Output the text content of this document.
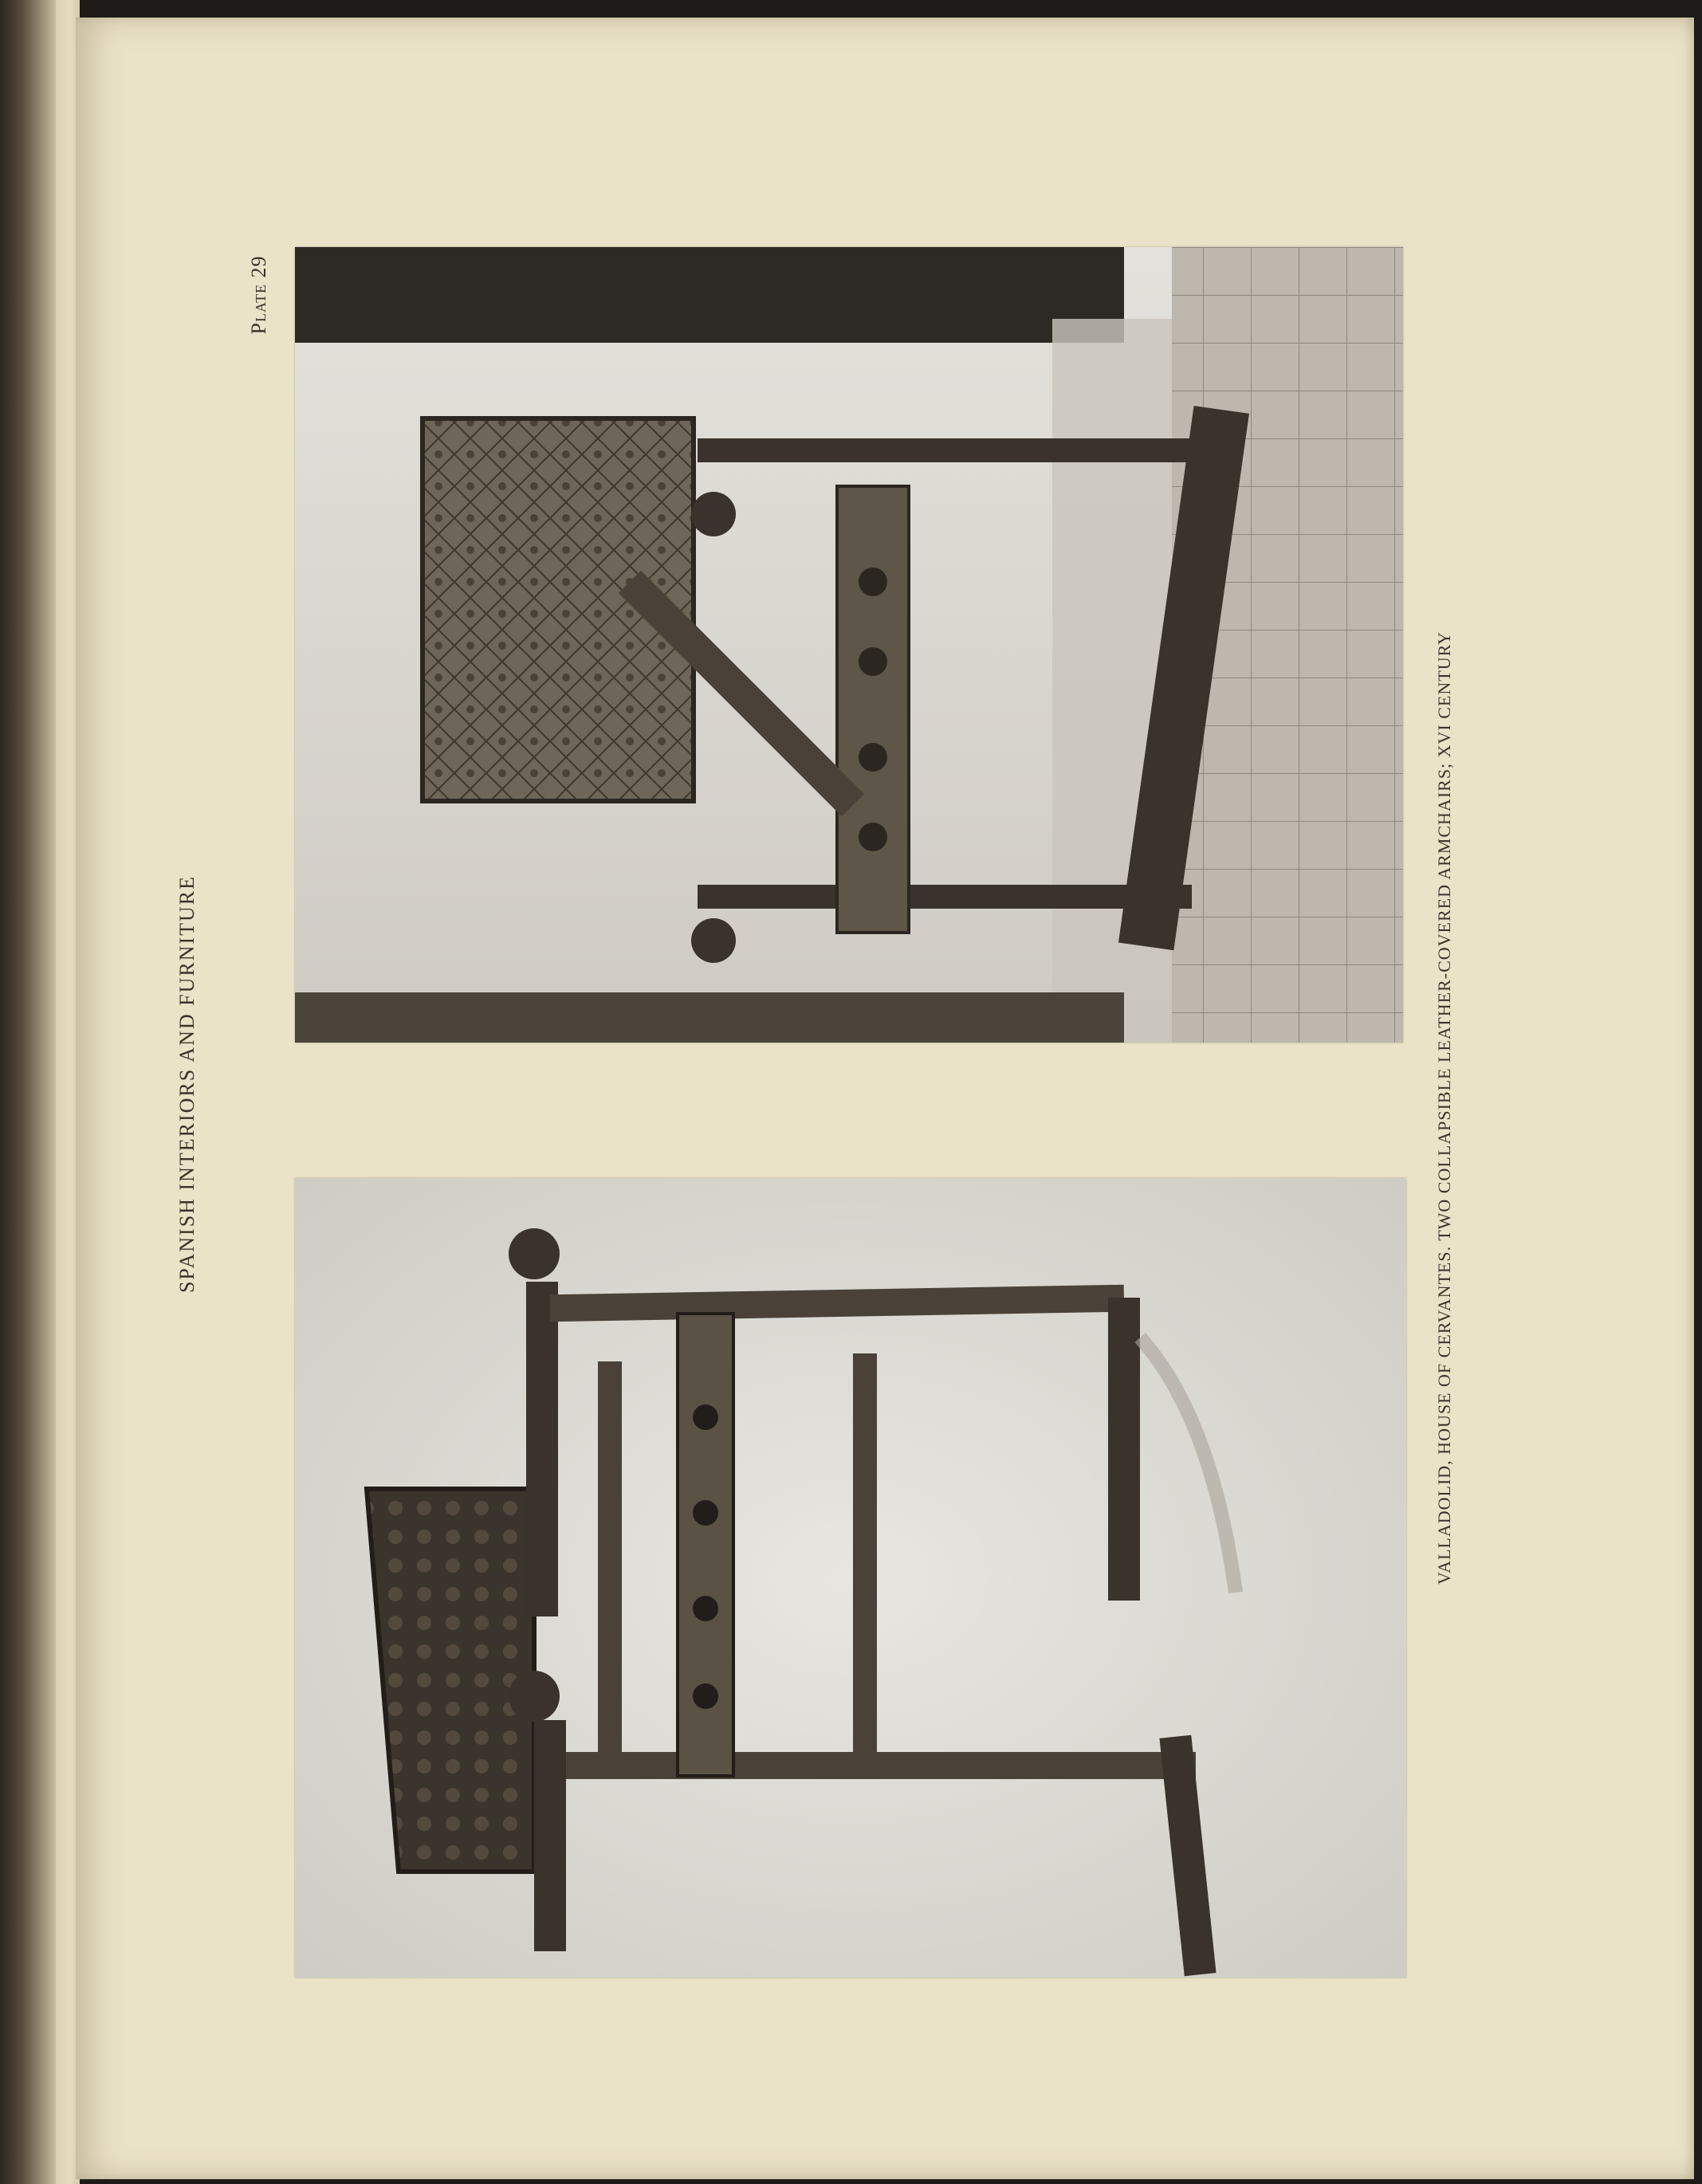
SPANISH INTERIORS AND FURNITURE
Plate 29
VALLADOLID, HOUSE OF CERVANTES. TWO COLLAPSIBLE LEATHER-COVERED ARMCHAIRS; XVI CENTURY
